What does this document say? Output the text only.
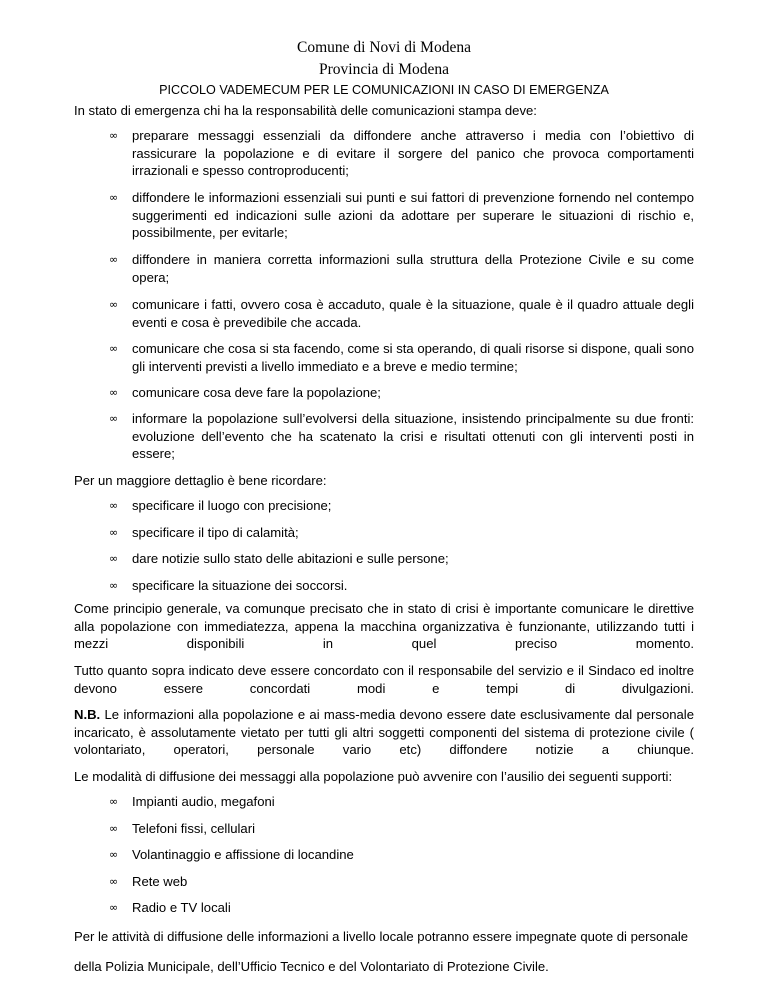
Comune di Novi di Modena
Provincia di Modena
PICCOLO VADEMECUM PER LE COMUNICAZIONI IN CASO DI EMERGENZA
In stato di emergenza chi ha la responsabilità delle comunicazioni stampa deve:
∞ preparare messaggi essenziali da diffondere anche attraverso i media con l’obiettivo di rassicurare la popolazione e di evitare il sorgere del panico che provoca comportamenti irrazionali e spesso controproducenti;
∞ diffondere le informazioni essenziali sui punti e sui fattori di prevenzione fornendo nel contempo suggerimenti ed indicazioni sulle azioni da adottare per superare le situazioni di rischio e, possibilmente, per evitarle;
∞ diffondere in maniera corretta informazioni sulla struttura della Protezione Civile e su come opera;
∞ comunicare i fatti, ovvero cosa è accaduto, quale è la situazione, quale è il quadro attuale degli eventi e cosa è prevedibile che accada.
∞ comunicare che cosa si sta facendo, come si sta operando, di quali risorse si dispone, quali sono gli interventi previsti a livello immediato e a breve e medio termine;
∞ comunicare cosa deve fare la popolazione;
∞ informare la popolazione sull’evolversi della situazione, insistendo principalmente su due fronti: evoluzione dell’evento che ha scatenato la crisi e risultati ottenuti con gli interventi posti in essere;
Per un maggiore dettaglio è bene ricordare:
∞ specificare il luogo con precisione;
∞ specificare il tipo di calamità;
∞ dare notizie sullo stato delle abitazioni e sulle persone;
∞ specificare la situazione dei soccorsi.
Come principio generale, va comunque precisato che in stato di crisi è importante comunicare le direttive alla popolazione con immediatezza, appena la macchina organizzativa è funzionante, utilizzando tutti i mezzi disponibili in quel preciso momento.
Tutto quanto sopra indicato deve essere concordato con il responsabile del servizio e il Sindaco ed inoltre devono essere concordati modi e tempi di divulgazioni.
N.B. Le informazioni alla popolazione e ai mass-media devono essere date esclusivamente dal personale incaricato, è assolutamente vietato per tutti gli altri soggetti componenti del sistema di protezione civile ( volontariato, operatori, personale vario etc) diffondere notizie a chiunque.
Le modalità di diffusione dei messaggi alla popolazione può avvenire con l’ausilio dei seguenti supporti:
∞ Impianti audio, megafoni
∞ Telefoni fissi, cellulari
∞ Volantinaggio e affissione di locandine
∞ Rete web
∞ Radio e TV locali
Per le attività di diffusione delle informazioni a livello locale potranno essere impegnate quote di personale
della Polizia Municipale, dell’Ufficio Tecnico e del Volontariato di Protezione Civile.
